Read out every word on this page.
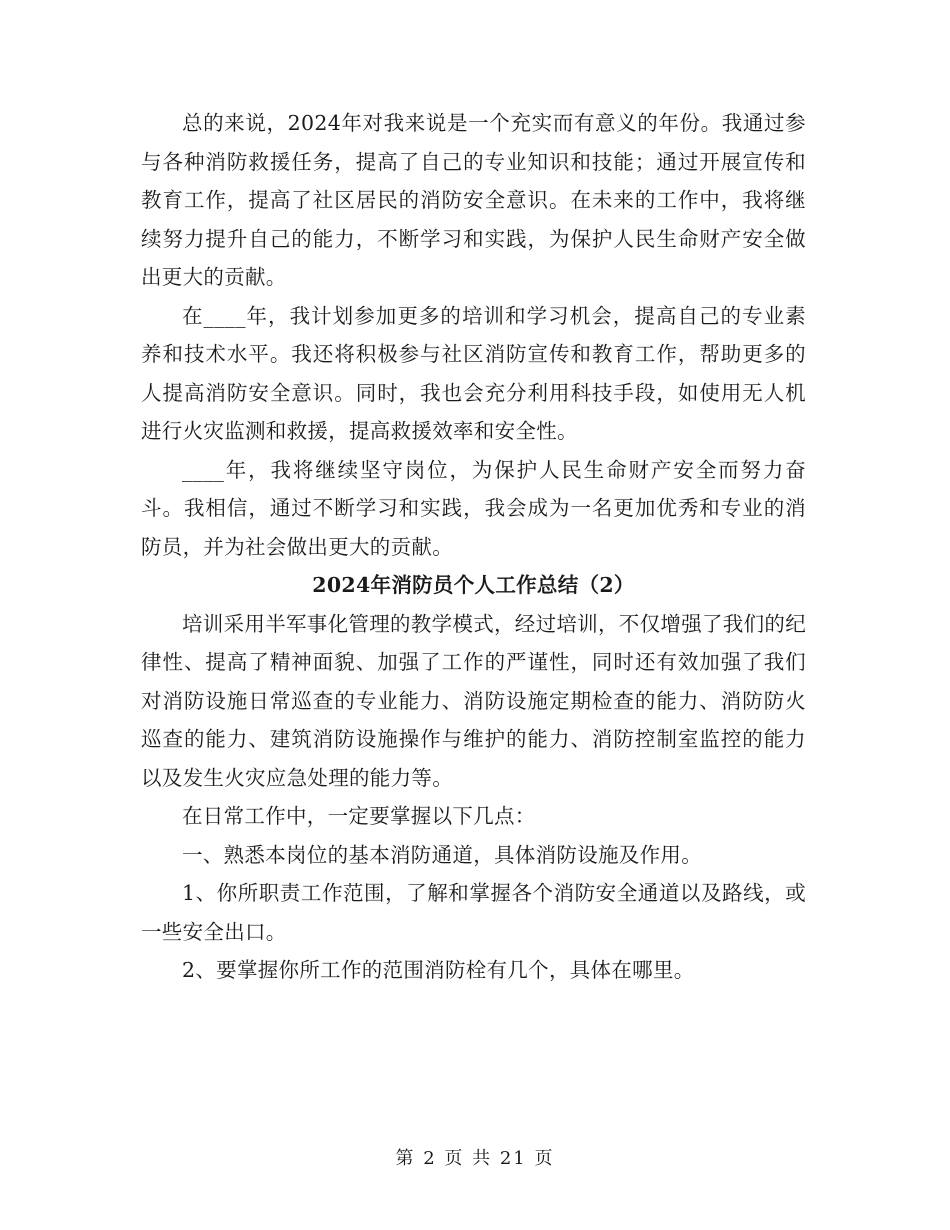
总的来说，2024年对我来说是一个充实而有意义的年份。我通过参与各种消防救援任务，提高了自己的专业知识和技能；通过开展宣传和教育工作，提高了社区居民的消防安全意识。在未来的工作中，我将继续努力提升自己的能力，不断学习和实践，为保护人民生命财产安全做出更大的贡献。

在____年，我计划参加更多的培训和学习机会，提高自己的专业素养和技术水平。我还将积极参与社区消防宣传和教育工作，帮助更多的人提高消防安全意识。同时，我也会充分利用科技手段，如使用无人机进行火灾监测和救援，提高救援效率和安全性。

____年，我将继续坚守岗位，为保护人民生命财产安全而努力奋斗。我相信，通过不断学习和实践，我会成为一名更加优秀和专业的消防员，并为社会做出更大的贡献。

2024年消防员个人工作总结（2）

培训采用半军事化管理的教学模式，经过培训，不仅增强了我们的纪律性、提高了精神面貌、加强了工作的严谨性，同时还有效加强了我们对消防设施日常巡查的专业能力、消防设施定期检查的能力、消防防火巡查的能力、建筑消防设施操作与维护的能力、消防控制室监控的能力以及发生火灾应急处理的能力等。

在日常工作中，一定要掌握以下几点：

一、熟悉本岗位的基本消防通道，具体消防设施及作用。

1、你所职责工作范围，了解和掌握各个消防安全通道以及路线，或一些安全出口。

2、要掌握你所工作的范围消防栓有几个，具体在哪里。

第 2 页 共 21 页
